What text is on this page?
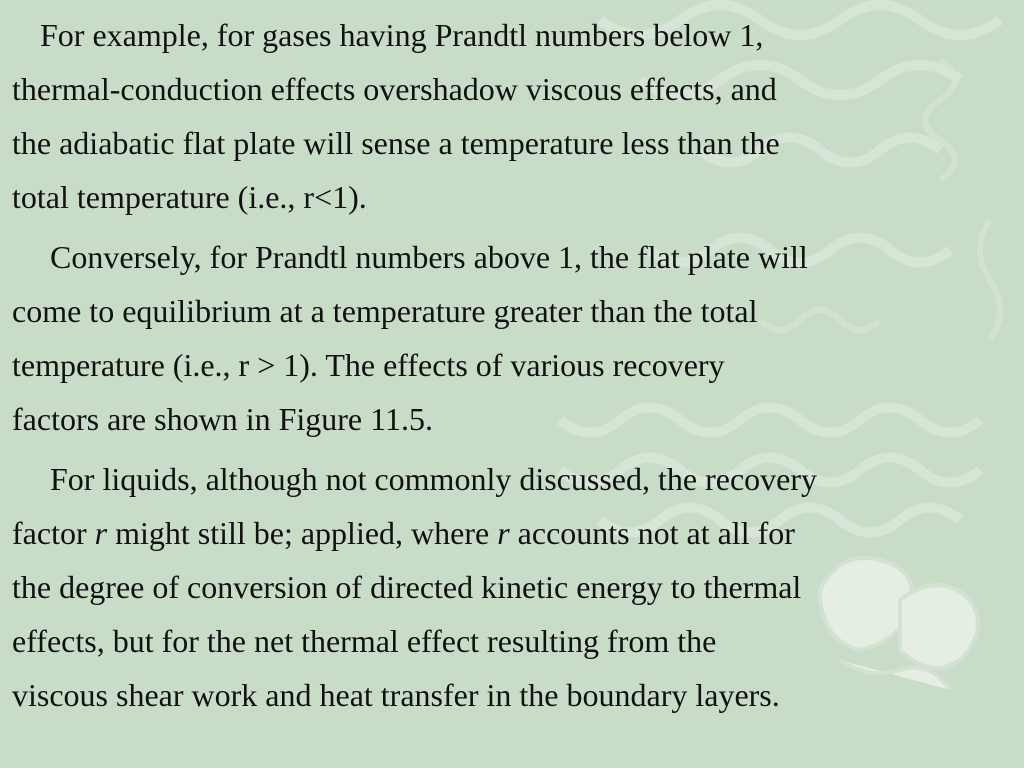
For example, for gases having Prandtl numbers below 1,
thermal-conduction effects overshadow viscous effects, and
the adiabatic flat plate will sense a temperature less than the
total temperature (i.e., r<1).

Conversely, for Prandtl numbers above 1, the flat plate will
come to equilibrium at a temperature greater than the total
temperature (i.e., r > 1). The effects of various recovery
factors are shown in Figure 11.5.

For liquids, although not commonly discussed, the recovery
factor r might still be; applied, where r accounts not at all for
the degree of conversion of directed kinetic energy to thermal
effects, but for the net thermal effect resulting from the
viscous shear work and heat transfer in the boundary layers.
